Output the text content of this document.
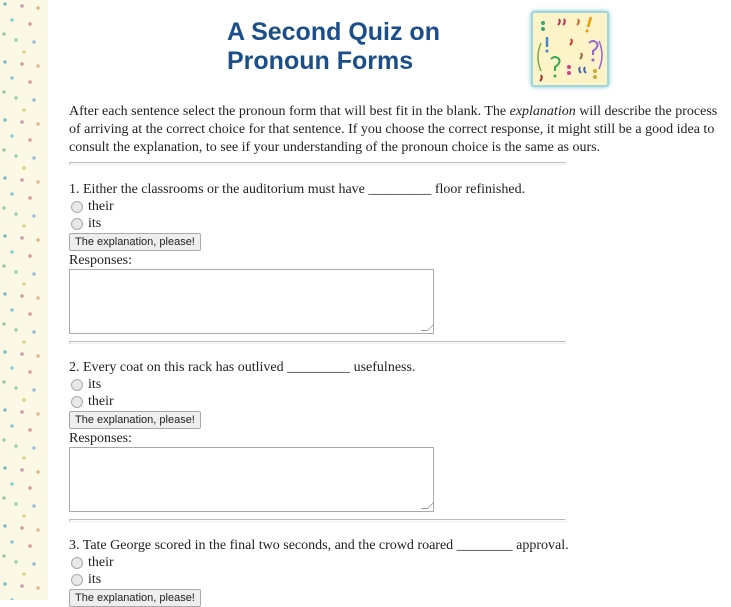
A Second Quiz on
Pronoun Forms

After each sentence select the pronoun form that will best fit in the blank. The explanation will describe the process of arriving at the correct choice for that sentence. If you choose the correct response, it might still be a good idea to consult the explanation, to see if your understanding of the pronoun choice is the same as ours.

1. Either the classrooms or the auditorium must have _________ floor refinished.
their
its
The explanation, please!
Responses:
2. Every coat on this rack has outlived _________ usefulness.
its
their
The explanation, please!
Responses:
3. Tate George scored in the final two seconds, and the crowd roared ________ approval.
their
its
The explanation, please!
